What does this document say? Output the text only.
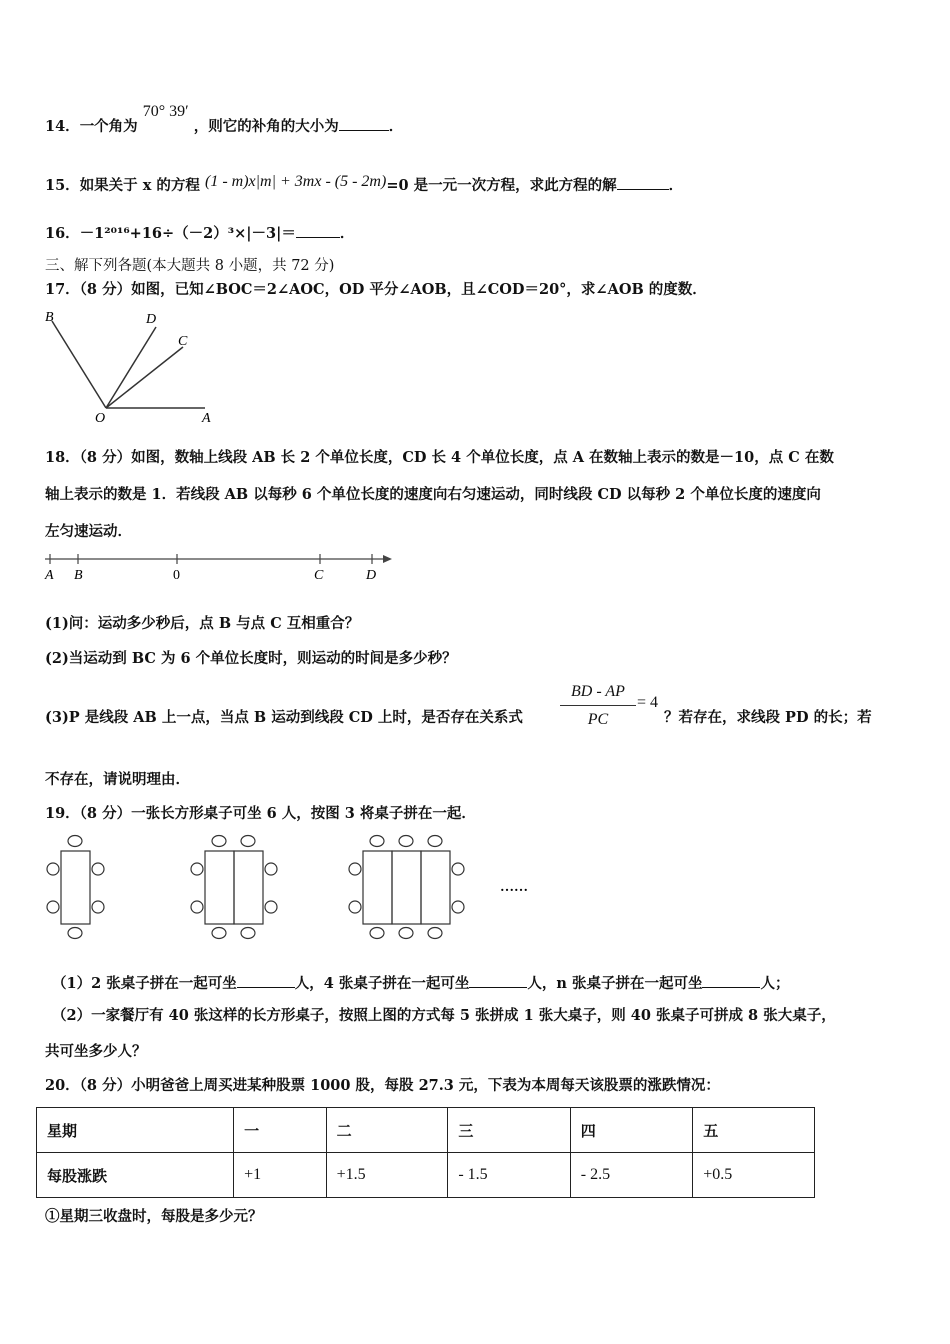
14．一个角为 70° 39′ ，则它的补角的大小为	．
15．如果关于 x 的方程 (1 - m)x|m| + 3mx - (5 - 2m)=0 是一元一次方程，求此方程的解	．
16．－1²⁰¹⁶+16÷（－2）³×|－3|＝	．
三、解下列各题(本大题共 8 小题，共 72 分)
17．（8 分）如图，已知∠BOC＝2∠AOC，OD 平分∠AOB，且∠COD＝20°，求∠AOB 的度数．
B	D
C
O	A
18．（8 分）如图，数轴上线段 AB 长 2 个单位长度，CD 长 4 个单位长度，点 A 在数轴上表示的数是－10，点 C 在数
轴上表示的数是 1．若线段 AB 以每秒 6 个单位长度的速度向右匀速运动，同时线段 CD 以每秒 2 个单位长度的速度向
左匀速运动．
A B	0	C	D
(1)问：运动多少秒后，点 B 与点 C 互相重合？
(2)当运动到 BC 为 6 个单位长度时，则运动的时间是多少秒？
(3)P 是线段 AB 上一点，当点 B 运动到线段 CD 上时，是否存在关系式
BD - AP
PC
= 4
？若存在，求线段 PD 的长；若
不存在，请说明理由．
19．（8 分）一张长方形桌子可坐 6 人，按图 3 将桌子拼在一起．
……
（1）2 张桌子拼在一起可坐	人，4 张桌子拼在一起可坐	人，n 张桌子拼在一起可坐	人；
（2）一家餐厅有 40 张这样的长方形桌子，按照上图的方式每 5 张拼成 1 张大桌子，则 40 张桌子可拼成 8 张大桌子，
共可坐多少人？
20．（8 分）小明爸爸上周买进某种股票 1000 股，每股 27.3 元，下表为本周每天该股票的涨跌情况：
星期	一	二	三	四	五
每股涨跌	+1	+1.5	- 1.5	- 2.5	+0.5
①星期三收盘时，每股是多少元？
